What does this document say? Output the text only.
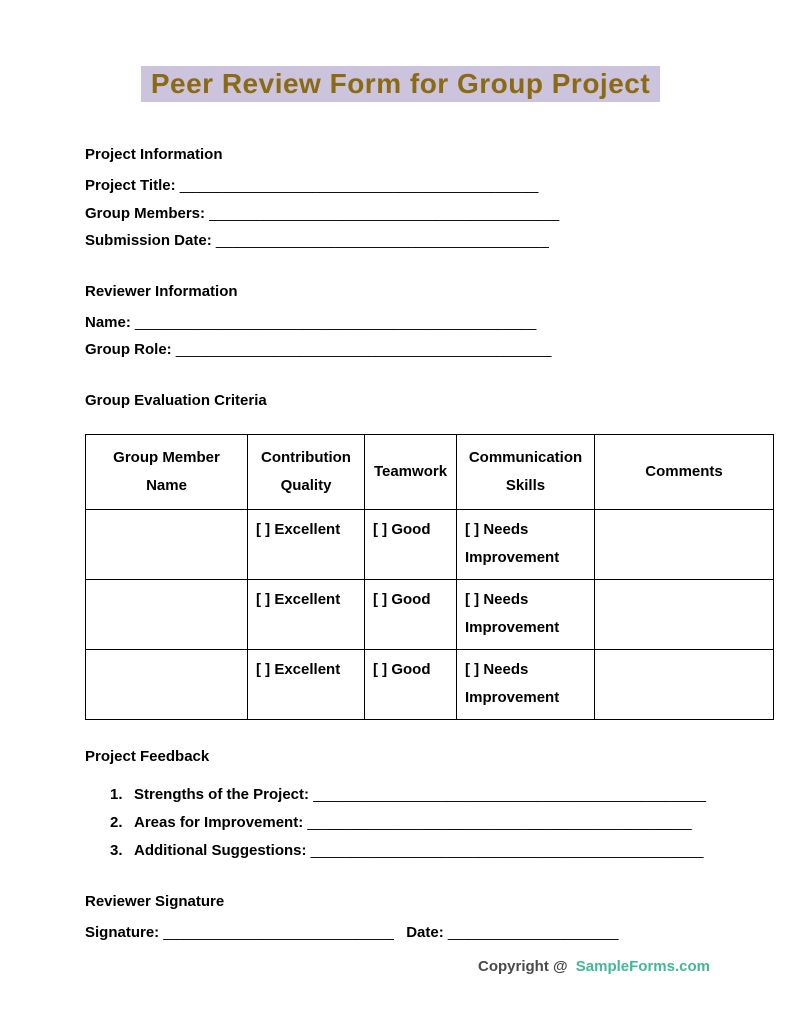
Peer Review Form for Group Project
Project Information
Project Title: __________________________________________
Group Members: _________________________________________
Submission Date: _______________________________________
Reviewer Information
Name: _______________________________________________
Group Role: ____________________________________________
Group Evaluation Criteria
Group Member Name	Contribution Quality	Teamwork	Communication Skills	Comments
	[ ] Excellent	[ ] Good	[ ] Needs Improvement	
	[ ] Excellent	[ ] Good	[ ] Needs Improvement	
	[ ] Excellent	[ ] Good	[ ] Needs Improvement	
Project Feedback
1. Strengths of the Project: ______________________________________________
2. Areas for Improvement: _____________________________________________
3. Additional Suggestions: ______________________________________________
Reviewer Signature
Signature: ___________________________ Date: ____________________
Copyright @ SampleForms.com
